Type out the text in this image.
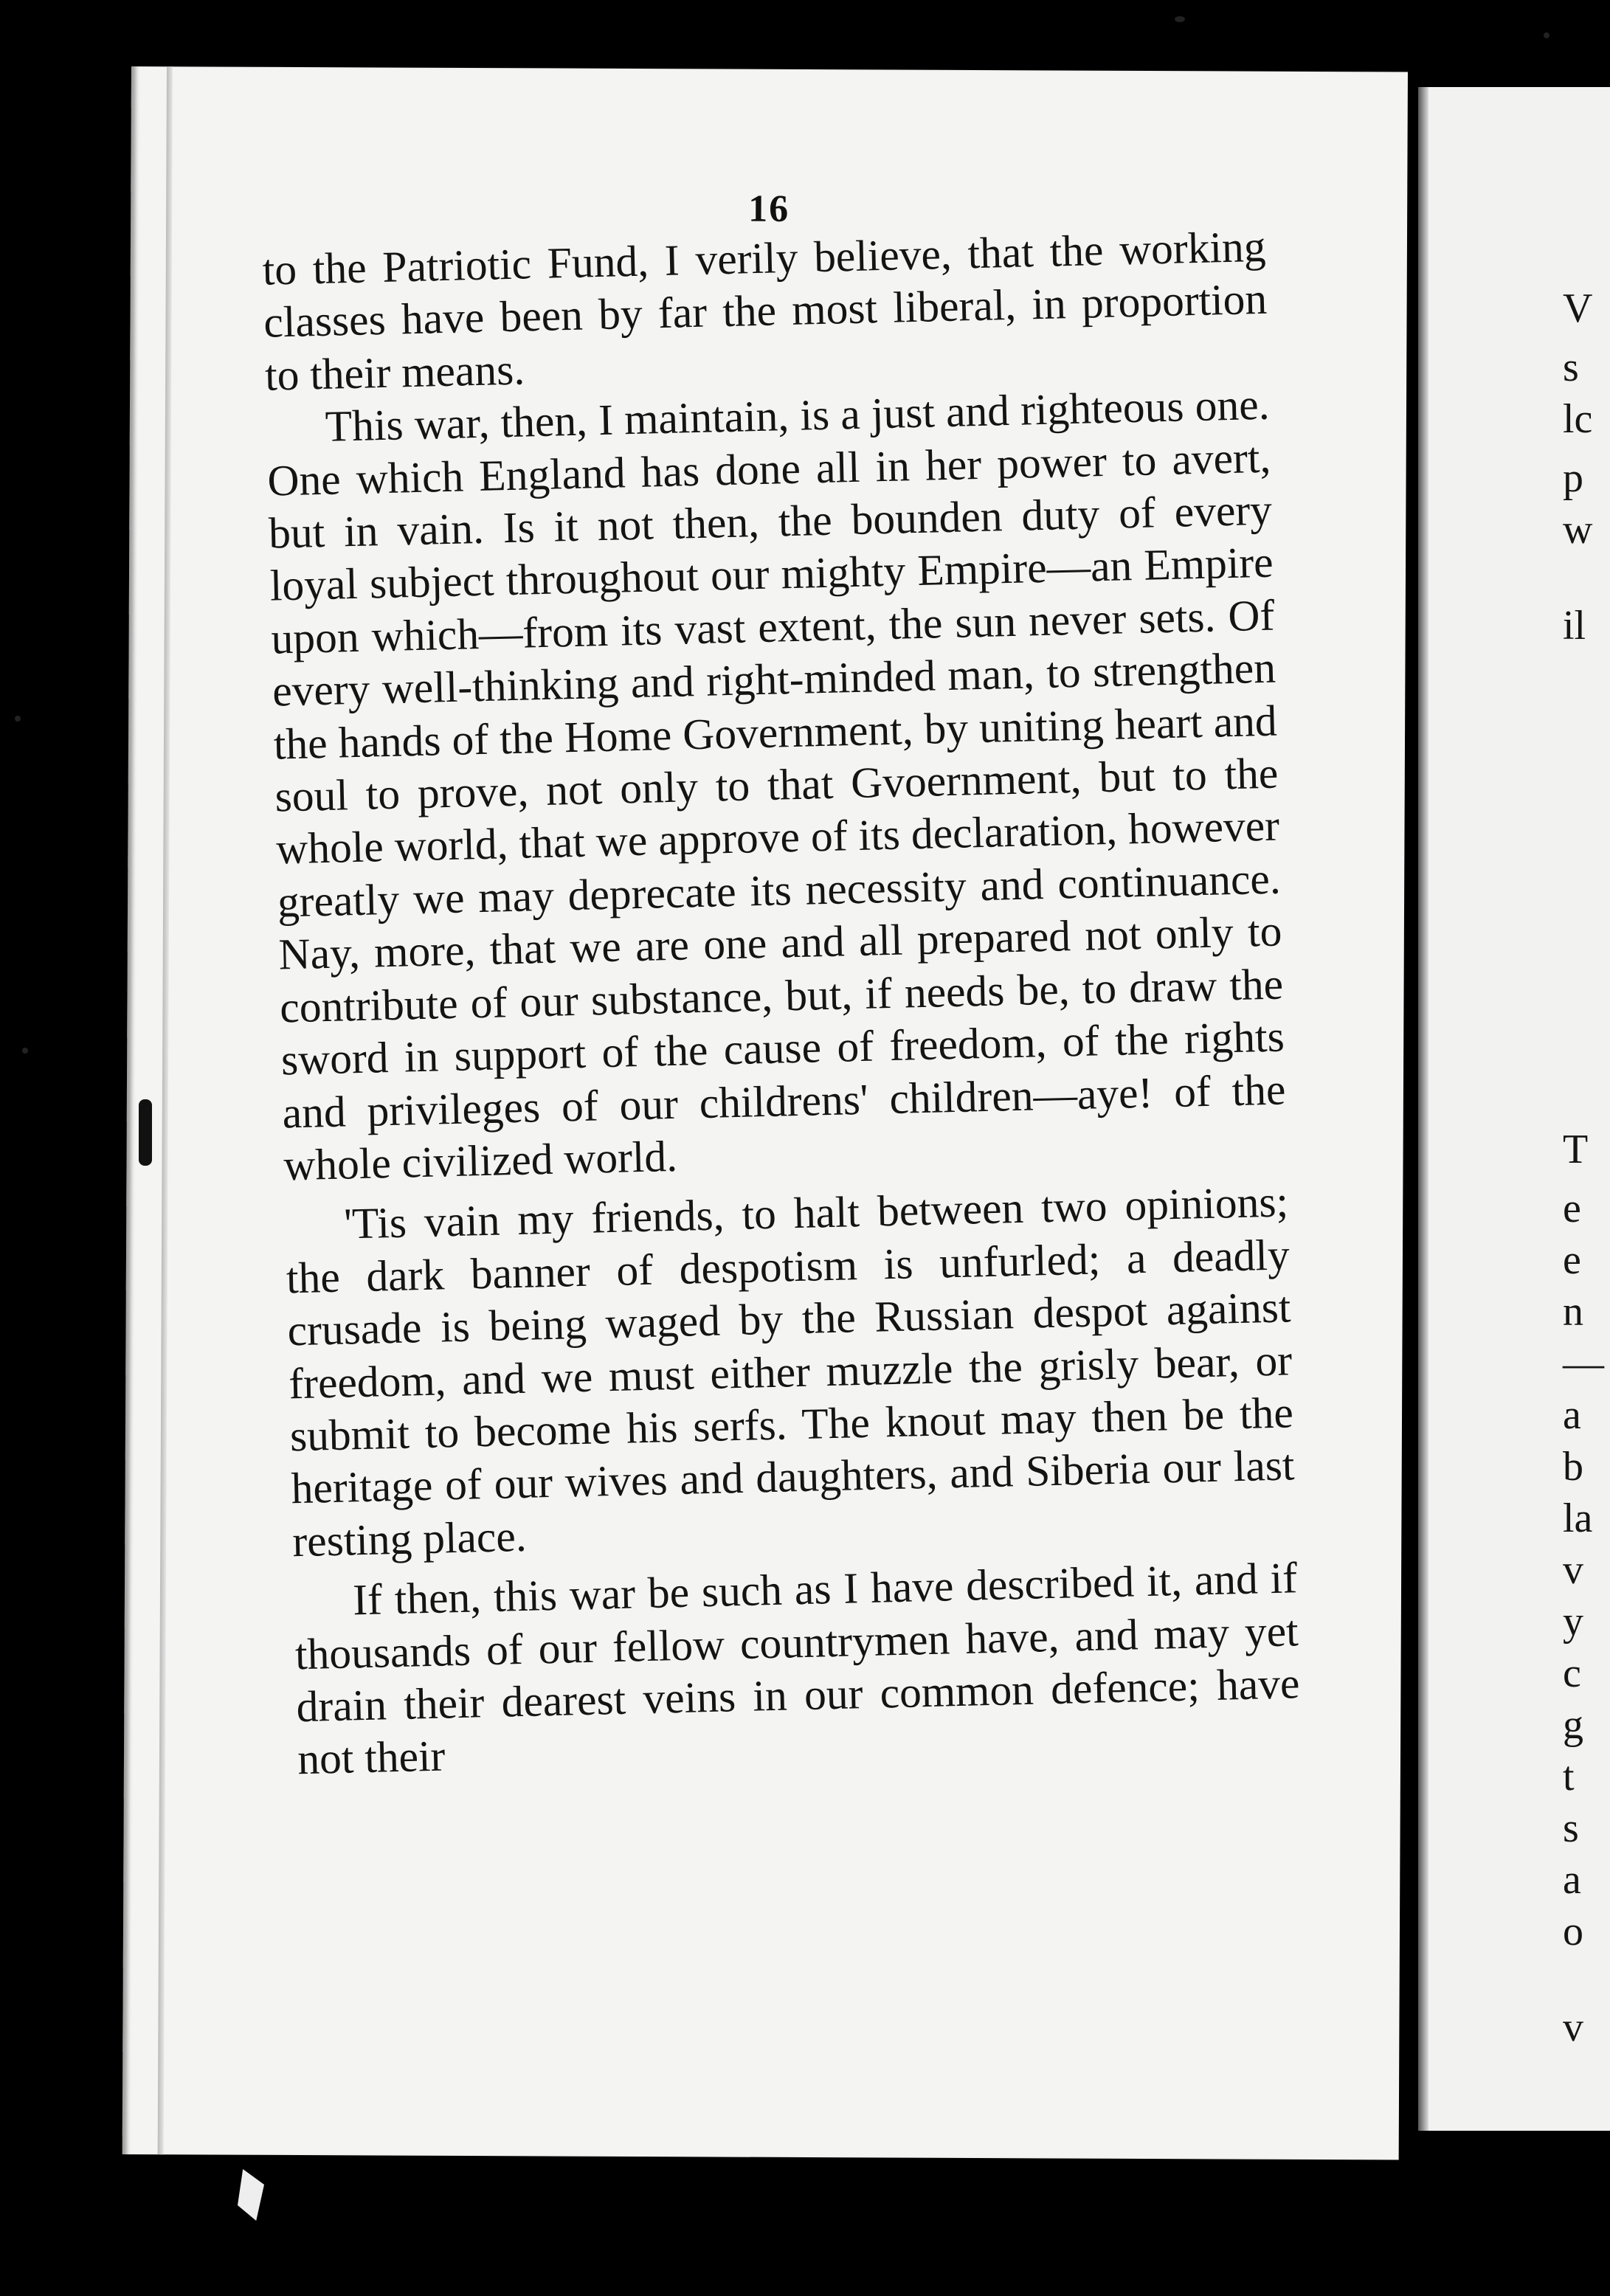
16

to the Patriotic Fund, I verily believe, that the working classes have been by far the most liberal, in proportion to their means.

This war, then, I maintain, is a just and righteous one. One which England has done all in her power to avert, but in vain. Is it not then, the bounden duty of every loyal subject throughout our mighty Empire—an Empire upon which—from its vast extent, the sun never sets. Of every well-thinking and right-minded man, to strengthen the hands of the Home Government, by uniting heart and soul to prove, not only to that Gvoernment, but to the whole world, that we approve of its declaration, however greatly we may deprecate its necessity and continuance. Nay, more, that we are one and all prepared not only to contribute of our substance, but, if needs be, to draw the sword in support of the cause of freedom, of the rights and privileges of our childrens' children—aye! of the whole civilized world.

'Tis vain my friends, to halt between two opinions; the dark banner of despotism is unfurled; a deadly crusade is being waged by the Russian despot against freedom, and we must either muzzle the grisly bear, or submit to become his serfs. The knout may then be the heritage of our wives and daughters, and Siberia our last resting place.

If then, this war be such as I have described it, and if thousands of our fellow countrymen have, and may yet drain their dearest veins in our common defence; have not their

V
s
lc
p
w
il
T
e
e
n
—
a
b
la
v
y
c
g
t
s
a
o
v
